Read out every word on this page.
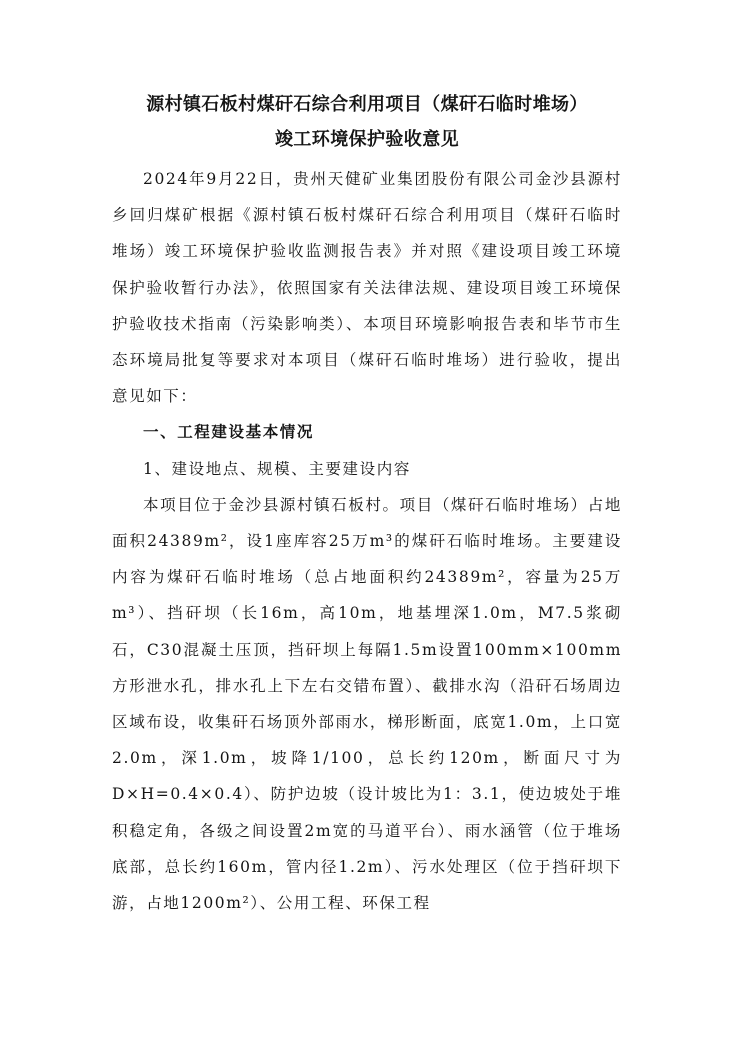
源村镇石板村煤矸石综合利用项目（煤矸石临时堆场）

竣工环境保护验收意见

2024年9月22日，贵州天健矿业集团股份有限公司金沙县源村乡回归煤矿根据《源村镇石板村煤矸石综合利用项目（煤矸石临时堆场）竣工环境保护验收监测报告表》并对照《建设项目竣工环境保护验收暂行办法》，依照国家有关法律法规、建设项目竣工环境保护验收技术指南（污染影响类）、本项目环境影响报告表和毕节市生态环境局批复等要求对本项目（煤矸石临时堆场）进行验收，提出意见如下：

一、工程建设基本情况

1、建设地点、规模、主要建设内容

本项目位于金沙县源村镇石板村。项目（煤矸石临时堆场）占地面积24389m²，设1座库容25万m³的煤矸石临时堆场。主要建设内容为煤矸石临时堆场（总占地面积约24389m²，容量为25万m³）、挡矸坝（长16m，高10m，地基埋深1.0m，M7.5浆砌石，C30混凝土压顶，挡矸坝上每隔1.5m设置100mm×100mm方形泄水孔，排水孔上下左右交错布置）、截排水沟（沿矸石场周边区域布设，收集矸石场顶外部雨水，梯形断面，底宽1.0m，上口宽2.0m，深1.0m，坡降1/100，总长约120m，断面尺寸为D×H=0.4×0.4）、防护边坡（设计坡比为1：3.1，使边坡处于堆积稳定角，各级之间设置2m宽的马道平台）、雨水涵管（位于堆场底部，总长约160m，管内径1.2m）、污水处理区（位于挡矸坝下游，占地1200m²）、公用工程、环保工程
